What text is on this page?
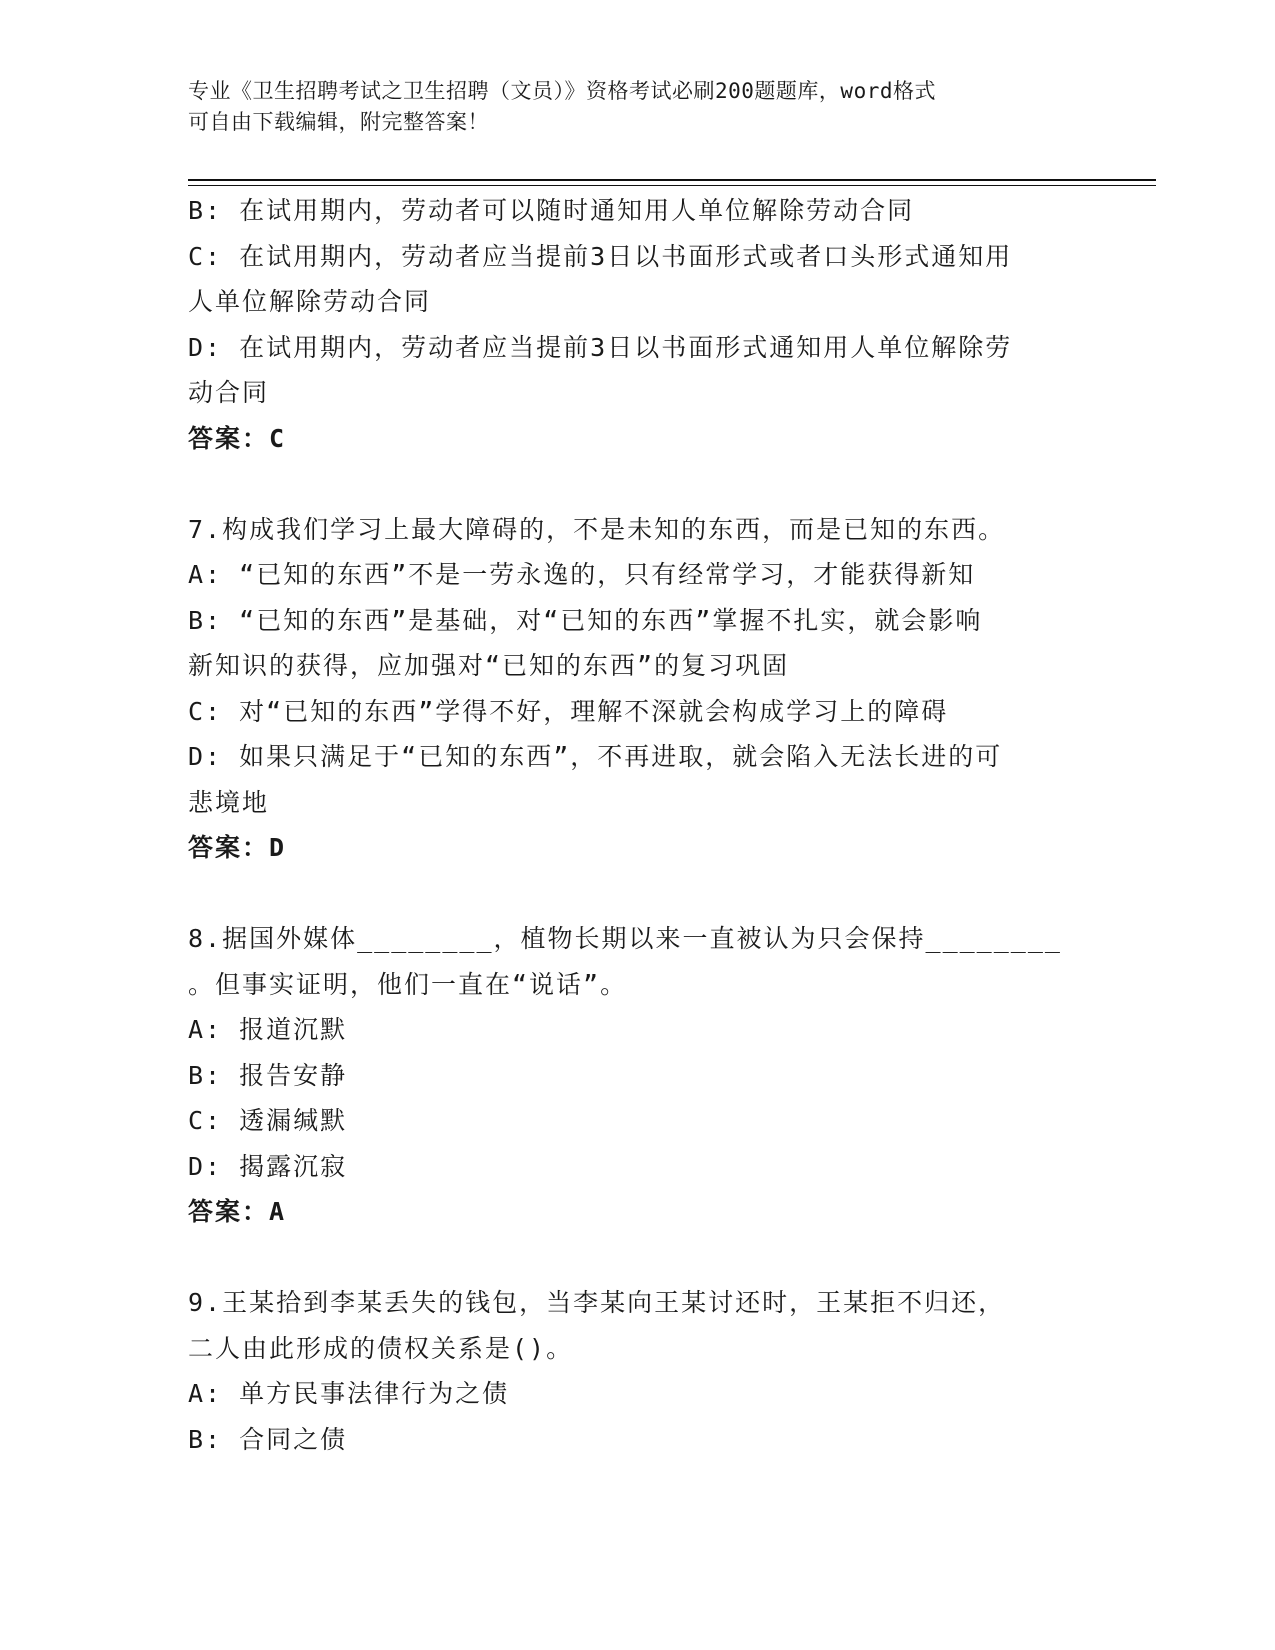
专业《卫生招聘考试之卫生招聘（文员）》资格考试必刷200题题库，word格式
可自由下载编辑，附完整答案！
B: 在试用期内，劳动者可以随时通知用人单位解除劳动合同
C: 在试用期内，劳动者应当提前3日以书面形式或者口头形式通知用
人单位解除劳动合同
D: 在试用期内，劳动者应当提前3日以书面形式通知用人单位解除劳
动合同
答案：C
7.构成我们学习上最大障碍的，不是未知的东西，而是已知的东西。
A: “已知的东西”不是一劳永逸的，只有经常学习，才能获得新知
B: “已知的东西”是基础，对“已知的东西”掌握不扎实，就会影响
新知识的获得，应加强对“已知的东西”的复习巩固
C: 对“已知的东西”学得不好，理解不深就会构成学习上的障碍
D: 如果只满足于“已知的东西”，不再进取，就会陷入无法长进的可
悲境地
答案：D
8.据国外媒体________，植物长期以来一直被认为只会保持________
。但事实证明，他们一直在“说话”。
A: 报道沉默
B: 报告安静
C: 透漏缄默
D: 揭露沉寂
答案：A
9.王某拾到李某丢失的钱包，当李某向王某讨还时，王某拒不归还，
二人由此形成的债权关系是()。
A: 单方民事法律行为之债
B: 合同之债
